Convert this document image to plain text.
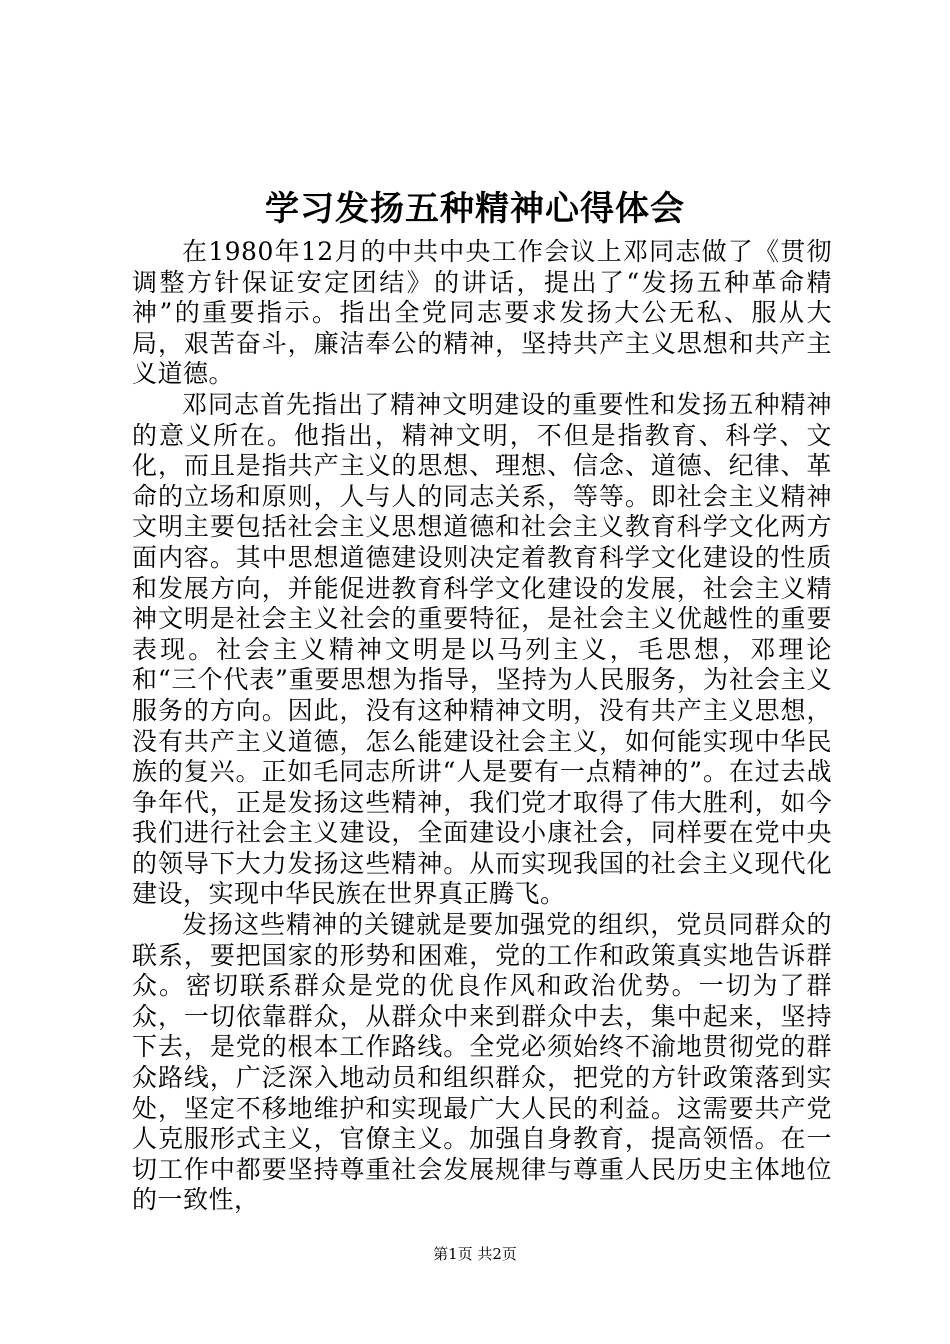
学习发扬五种精神心得体会

在1980年12月的中共中央工作会议上邓同志做了《贯彻调整方针保证安定团结》的讲话，提出了“发扬五种革命精神”的重要指示。指出全党同志要求发扬大公无私、服从大局，艰苦奋斗，廉洁奉公的精神，坚持共产主义思想和共产主义道德。

邓同志首先指出了精神文明建设的重要性和发扬五种精神的意义所在。他指出，精神文明，不但是指教育、科学、文化，而且是指共产主义的思想、理想、信念、道德、纪律、革命的立场和原则，人与人的同志关系，等等。即社会主义精神文明主要包括社会主义思想道德和社会主义教育科学文化两方面内容。其中思想道德建设则决定着教育科学文化建设的性质和发展方向，并能促进教育科学文化建设的发展，社会主义精神文明是社会主义社会的重要特征，是社会主义优越性的重要表现。社会主义精神文明是以马列主义，毛思想，邓理论和“三个代表”重要思想为指导，坚持为人民服务，为社会主义服务的方向。因此，没有这种精神文明，没有共产主义思想，没有共产主义道德，怎么能建设社会主义，如何能实现中华民族的复兴。正如毛同志所讲“人是要有一点精神的”。在过去战争年代，正是发扬这些精神，我们党才取得了伟大胜利，如今我们进行社会主义建设，全面建设小康社会，同样要在党中央的领导下大力发扬这些精神。从而实现我国的社会主义现代化建设，实现中华民族在世界真正腾飞。

发扬这些精神的关键就是要加强党的组织，党员同群众的联系，要把国家的形势和困难，党的工作和政策真实地告诉群众。密切联系群众是党的优良作风和政治优势。一切为了群众，一切依靠群众，从群众中来到群众中去，集中起来，坚持下去，是党的根本工作路线。全党必须始终不渝地贯彻党的群众路线，广泛深入地动员和组织群众，把党的方针政策落到实处，坚定不移地维护和实现最广大人民的利益。这需要共产党人克服形式主义，官僚主义。加强自身教育，提高领悟。在一切工作中都要坚持尊重社会发展规律与尊重人民历史主体地位的一致性，

第1页 共2页
